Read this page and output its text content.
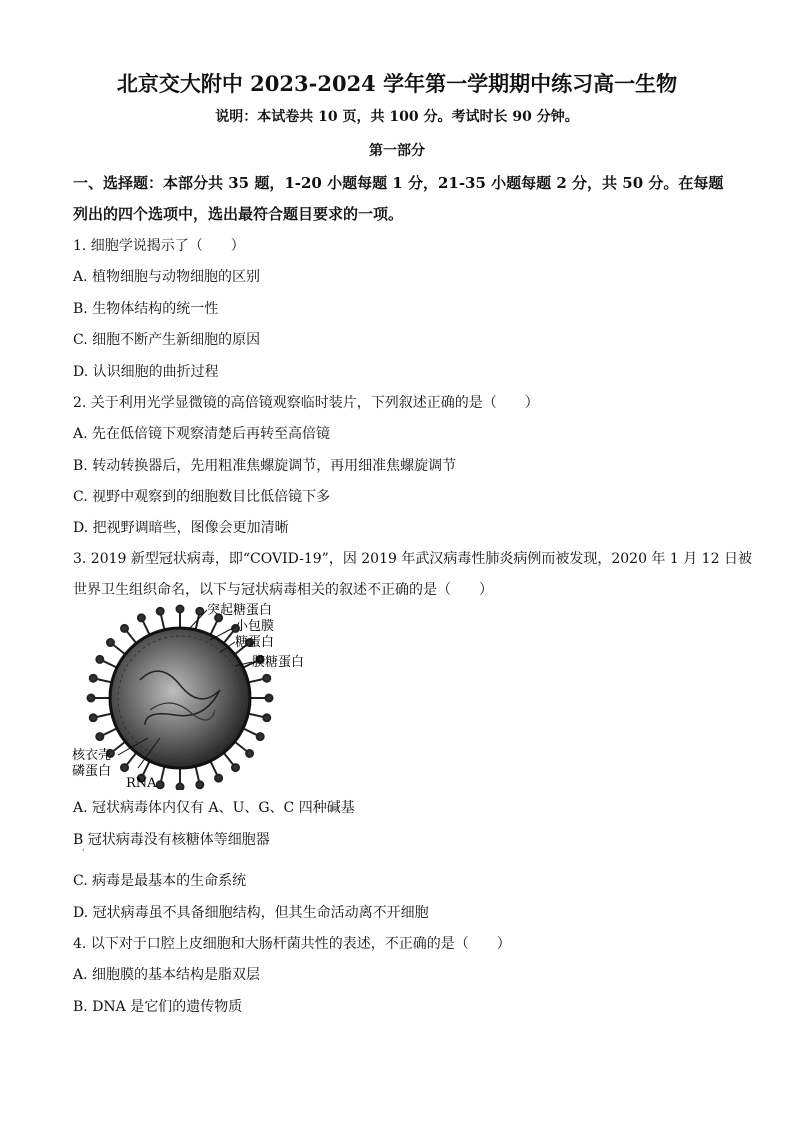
北京交大附中 2023-2024 学年第一学期期中练习高一生物
说明：本试卷共 10 页，共 100 分。考试时长 90 分钟。
第一部分
一、选择题：本部分共 35 题，1-20 小题每题 1 分，21-35 小题每题 2 分，共 50 分。在每题
列出的四个选项中，选出最符合题目要求的一项。
1. 细胞学说揭示了（　　）
A. 植物细胞与动物细胞的区别
B. 生物体结构的统一性
C. 细胞不断产生新细胞的原因
D. 认识细胞的曲折过程
2. 关于利用光学显微镜的高倍镜观察临时装片，下列叙述正确的是（　　）
A. 先在低倍镜下观察清楚后再转至高倍镜
B. 转动转换器后，先用粗准焦螺旋调节，再用细准焦螺旋调节
C. 视野中观察到的细胞数目比低倍镜下多
D. 把视野调暗些，图像会更加清晰
3. 2019 新型冠状病毒，即“COVID-19”，因 2019 年武汉病毒性肺炎病例而被发现，2020 年 1 月 12 日被
世界卫生组织命名，以下与冠状病毒相关的叙述不正确的是（　　）
突起糖蛋白
小包膜
糖蛋白
膜糖蛋白
核衣壳
磷蛋白
RNA
A. 冠状病毒体内仅有 A、U、G、C 四种碱基
B 冠状病毒没有核糖体等细胞器
·
C. 病毒是最基本的生命系统
D. 冠状病毒虽不具备细胞结构，但其生命活动离不开细胞
4. 以下对于口腔上皮细胞和大肠杆菌共性的表述，不正确的是（　　）
A. 细胞膜的基本结构是脂双层
B. DNA 是它们的遗传物质
